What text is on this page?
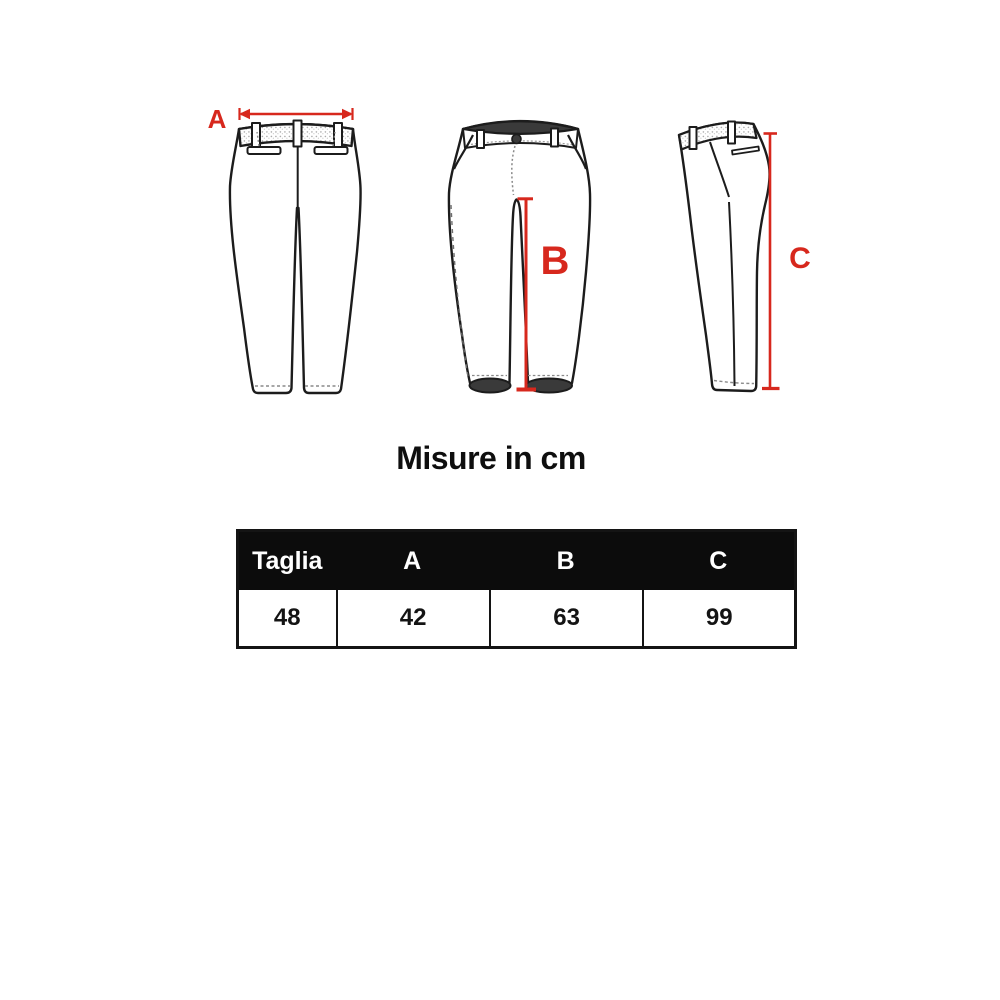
A
B	C
Misure in cm
Taglia	A	B	C
48	42	63	99
